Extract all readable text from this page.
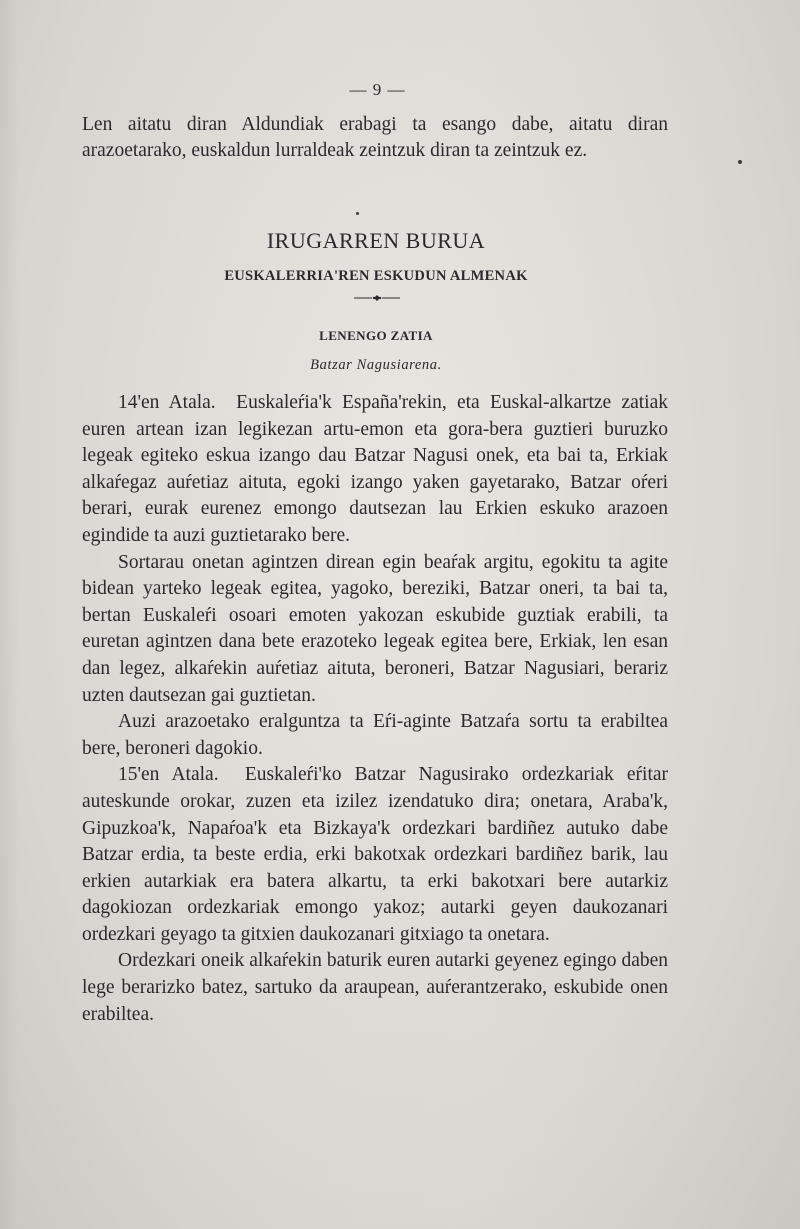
— 9 —

Len aitatu diran Aldundiak erabagi ta esango dabe, aitatu diran arazoetarako, euskaldun lurraldeak zeintzuk diran ta zeintzuk ez.

IRUGARREN BURUA
EUSKALERRIA'REN ESKUDUN ALMENAK
LENENGO ZATIA
Batzar Nagusiarena.

14'en Atala. Euskaleŕia'k España'rekin, eta Euskal-alkartze zatiak euren artean izan legikezan artu-emon eta gora-bera guztieri buruzko legeak egiteko eskua izango dau Batzar Nagusi onek, eta bai ta, Erkiak alkaŕegaz auŕetiaz aituta, egoki izango yaken gayetarako, Batzar oŕeri berari, eurak eurenez emongo dautsezan lau Erkien eskuko arazoen egindide ta auzi guztietarako bere.

Sortarau onetan agintzen direan egin beaŕak argitu, egokitu ta agite bidean yarteko legeak egitea, yagoko, bereziki, Batzar oneri, ta bai ta, bertan Euskaleŕi osoari emoten yakozan eskubide guztiak erabili, ta euretan agintzen dana bete erazoteko legeak egitea bere, Erkiak, len esan dan legez, alkaŕekin auŕetiaz aituta, beroneri, Batzar Nagusiari, berariz uzten dautsezan gai guztietan.

Auzi arazoetako eralguntza ta Eŕi-aginte Batzaŕa sortu ta erabiltea bere, beroneri dagokio.

15'en Atala. Euskaleŕi'ko Batzar Nagusirako ordezkariak eŕitar auteskunde orokar, zuzen eta izilez izendatuko dira; onetara, Araba'k, Gipuzkoa'k, Napaŕoa'k eta Bizkaya'k ordezkari bardiñez autuko dabe Batzar erdia, ta beste erdia, erki bakotxak ordezkari bardiñez barik, lau erkien autarkiak era batera alkartu, ta erki bakotxari bere autarkiz dagokiozan ordezkariak emongo yakoz; autarki geyen daukozanari ordezkari geyago ta gitxien daukozanari gitxiago ta onetara.

Ordezkari oneik alkaŕekin baturik euren autarki geyenez egingo daben lege berarizko batez, sartuko da araupean, auŕerantzerako, eskubide onen erabiltea.
